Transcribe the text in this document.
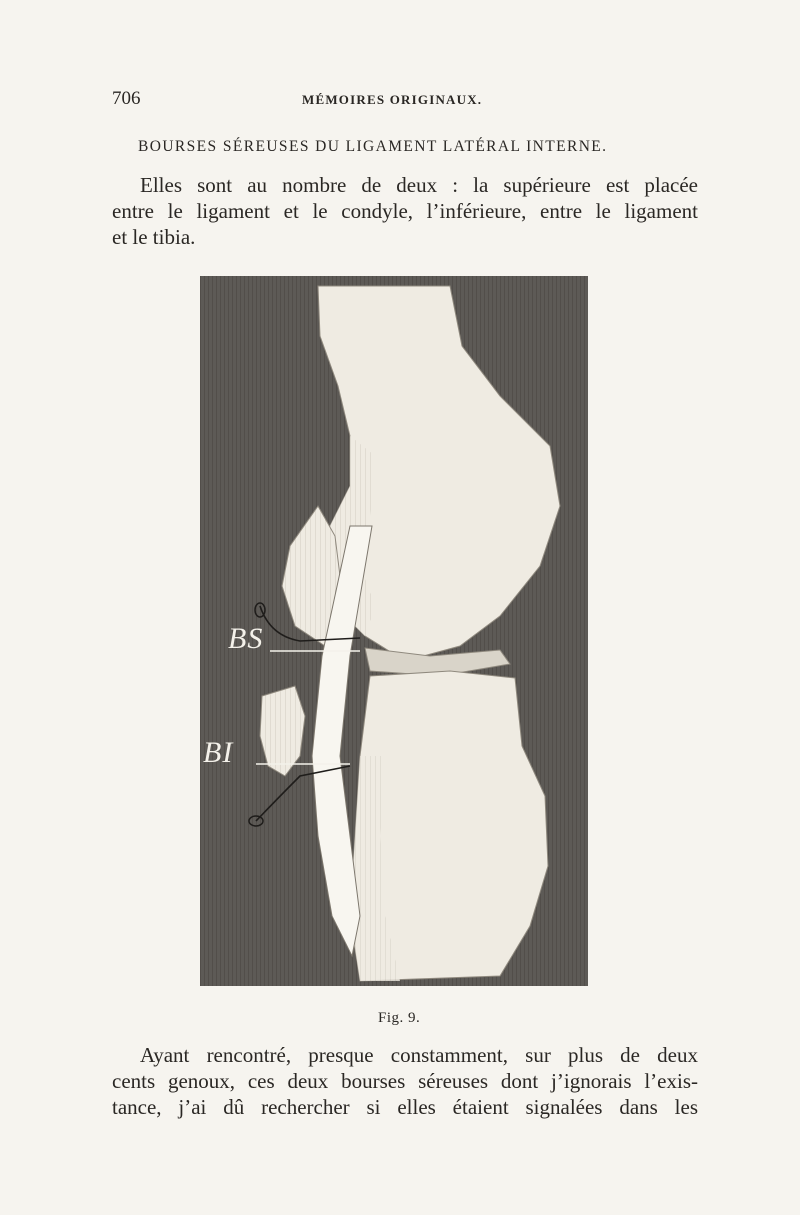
706	MÉMOIRES ORIGINAUX.
BOURSES SÉREUSES DU LIGAMENT LATÉRAL INTERNE.
Elles sont au nombre de deux : la supérieure est placée
entre le ligament et le condyle, l’inférieure, entre le ligament
et le tibia.
BS
BI
Fig. 9.
Ayant rencontré, presque constamment, sur plus de deux
cents genoux, ces deux bourses séreuses dont j’ignorais l’exis-
tance, j’ai dû rechercher si elles étaient signalées dans les
